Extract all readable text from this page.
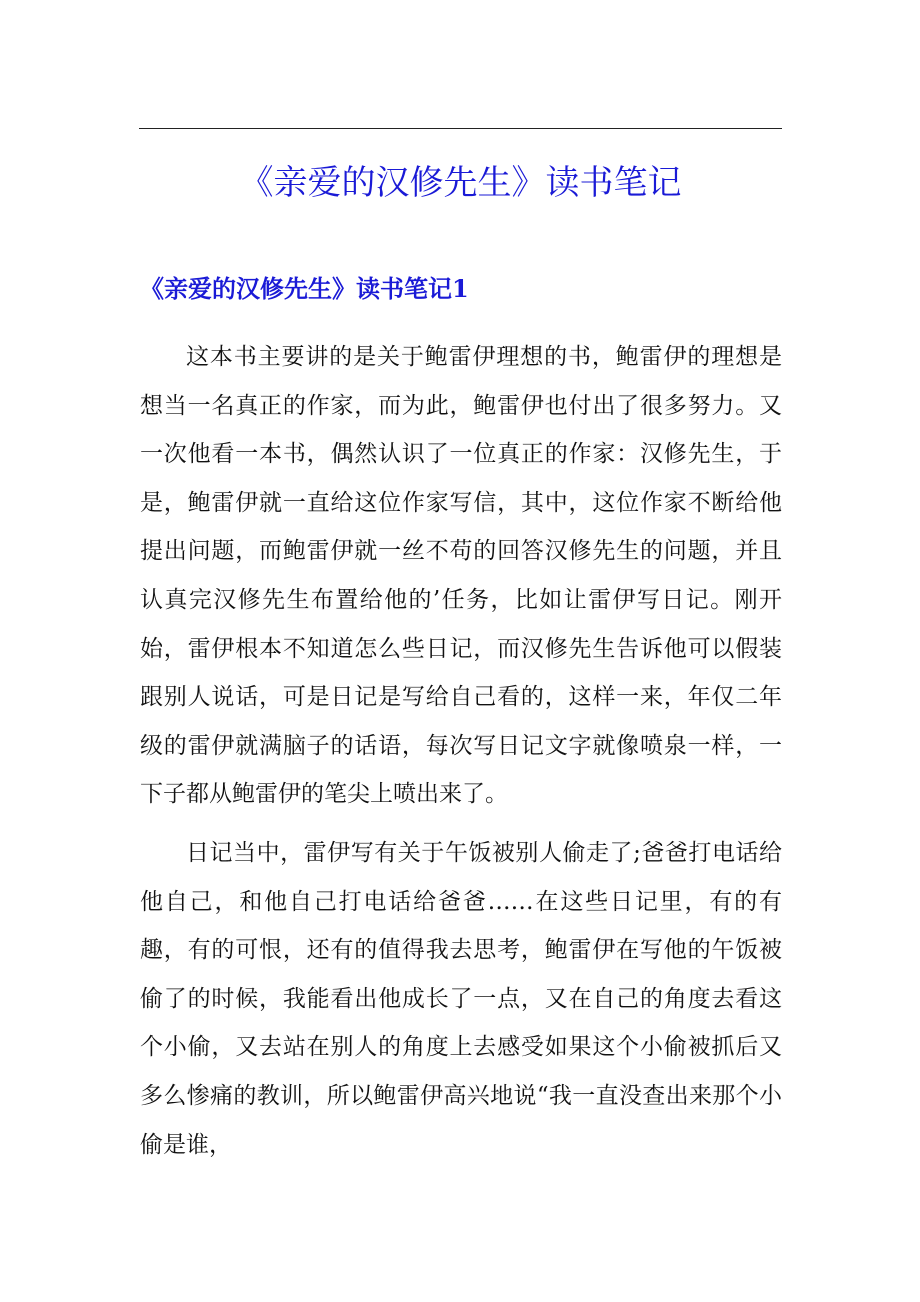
《亲爱的汉修先生》读书笔记
《亲爱的汉修先生》读书笔记1

这本书主要讲的是关于鲍雷伊理想的书，鲍雷伊的理想是想当一名真正的作家，而为此，鲍雷伊也付出了很多努力。又一次他看一本书，偶然认识了一位真正的作家：汉修先生，于是，鲍雷伊就一直给这位作家写信，其中，这位作家不断给他提出问题，而鲍雷伊就一丝不苟的回答汉修先生的问题，并且认真完汉修先生布置给他的’任务，比如让雷伊写日记。刚开始，雷伊根本不知道怎么些日记，而汉修先生告诉他可以假装跟别人说话，可是日记是写给自己看的，这样一来，年仅二年级的雷伊就满脑子的话语，每次写日记文字就像喷泉一样，一下子都从鲍雷伊的笔尖上喷出来了。

日记当中，雷伊写有关于午饭被别人偷走了;爸爸打电话给他自己，和他自己打电话给爸爸……在这些日记里，有的有趣，有的可恨，还有的值得我去思考，鲍雷伊在写他的午饭被偷了的时候，我能看出他成长了一点，又在自己的角度去看这个小偷，又去站在别人的角度上去感受如果这个小偷被抓后又多么惨痛的教训，所以鲍雷伊高兴地说“我一直没查出来那个小偷是谁，
